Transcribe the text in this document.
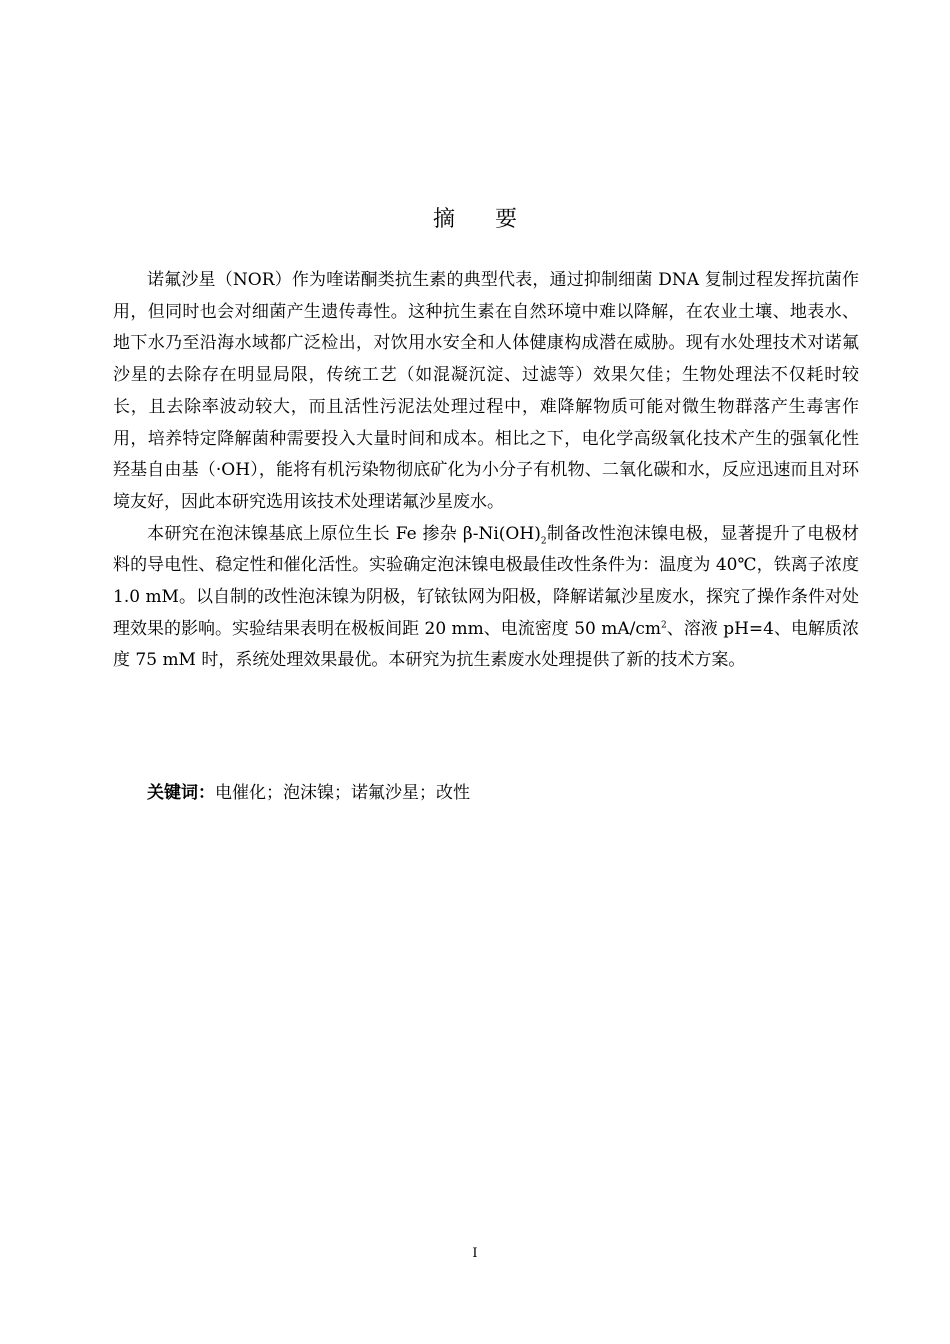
摘要

诺氟沙星（NOR）作为喹诺酮类抗生素的典型代表，通过抑制细菌 DNA 复制过程发挥抗菌作用，但同时也会对细菌产生遗传毒性。这种抗生素在自然环境中难以降解，在农业土壤、地表水、地下水乃至沿海水域都广泛检出，对饮用水安全和人体健康构成潜在威胁。现有水处理技术对诺氟沙星的去除存在明显局限，传统工艺（如混凝沉淀、过滤等）效果欠佳；生物处理法不仅耗时较长，且去除率波动较大，而且活性污泥法处理过程中，难降解物质可能对微生物群落产生毒害作用，培养特定降解菌种需要投入大量时间和成本。相比之下，电化学高级氧化技术产生的强氧化性羟基自由基（·OH），能将有机污染物彻底矿化为小分子有机物、二氧化碳和水，反应迅速而且对环境友好，因此本研究选用该技术处理诺氟沙星废水。

本研究在泡沫镍基底上原位生长 Fe 掺杂 $\beta-Ni(OH)_2$制备改性泡沫镍电极，显著提升了电极材料的导电性、稳定性和催化活性。实验确定泡沫镍电极最佳改性条件为：温度为 40℃，铁离子浓度 1.0 mM。以自制的改性泡沫镍为阴极，钌铱钛网为阳极，降解诺氟沙星废水，探究了操作条件对处理效果的影响。实验结果表明在极板间距 20 mm、电流密度 50 $mA/cm^2$、溶液 pH=4、电解质浓度 75 mM 时，系统处理效果最优。本研究为抗生素废水处理提供了新的技术方案。

关键词：电催化；泡沫镍；诺氟沙星；改性
I
